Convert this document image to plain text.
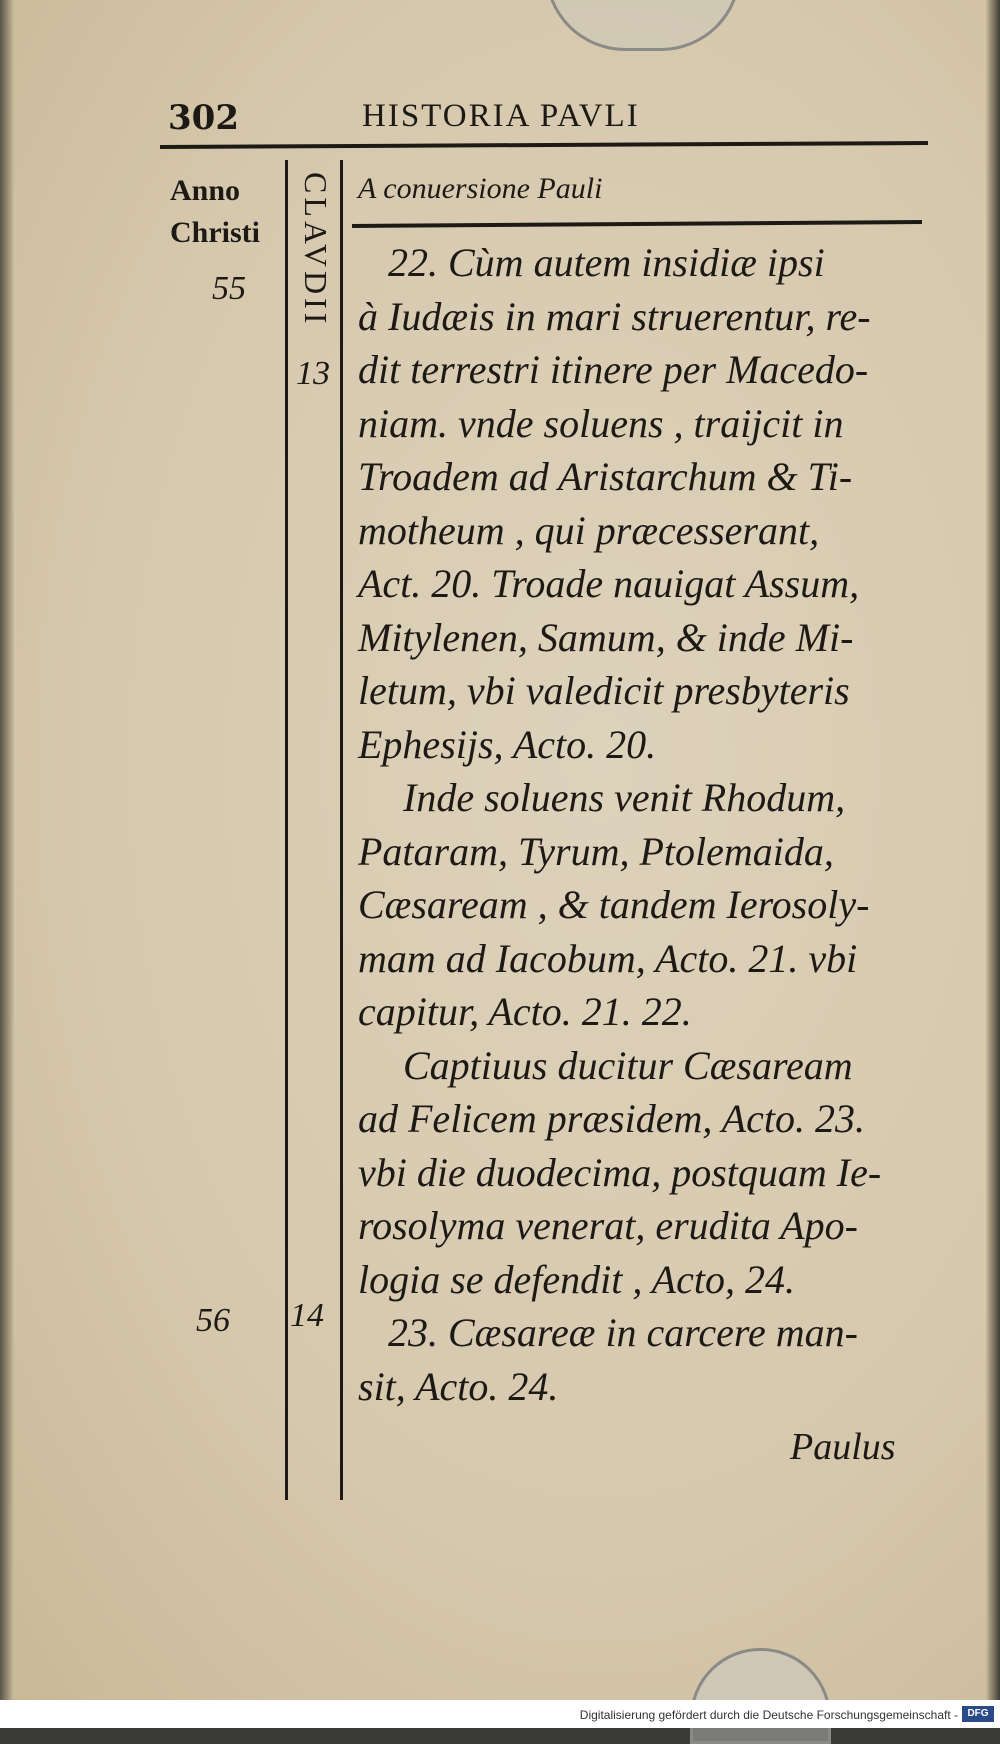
302	HISTORIA PAVLI
Anno
Christi CLAVDII
55
13
56 14
A conuersione Pauli
22. Cùm autem insidiæ ipsi
à Iudæis in mari struerentur, re-
dit terrestri itinere per Macedo-
niam. vnde soluens , traijcit in
Troadem ad Aristarchum & Ti-
motheum , qui præcesserant,
Act. 20. Troade nauigat Assum,
Mitylenen, Samum, & inde Mi-
letum, vbi valedicit presbyteris
Ephesijs, Acto. 20.
Inde soluens venit Rhodum,
Pataram, Tyrum, Ptolemaida,
Cæsaream , & tandem Ierosoly-
mam ad Iacobum, Acto. 21. vbi
capitur, Acto. 21. 22.
Captiuus ducitur Cæsaream
ad Felicem præsidem, Acto. 23.
vbi die duodecima, postquam Ie-
rosolyma venerat, erudita Apo-
logia se defendit , Acto, 24.
23. Cæsareæ in carcere man-
sit, Acto. 24.
Paulus
Digitalisierung gefördert durch die Deutsche Forschungsgemeinschaft - DFG
